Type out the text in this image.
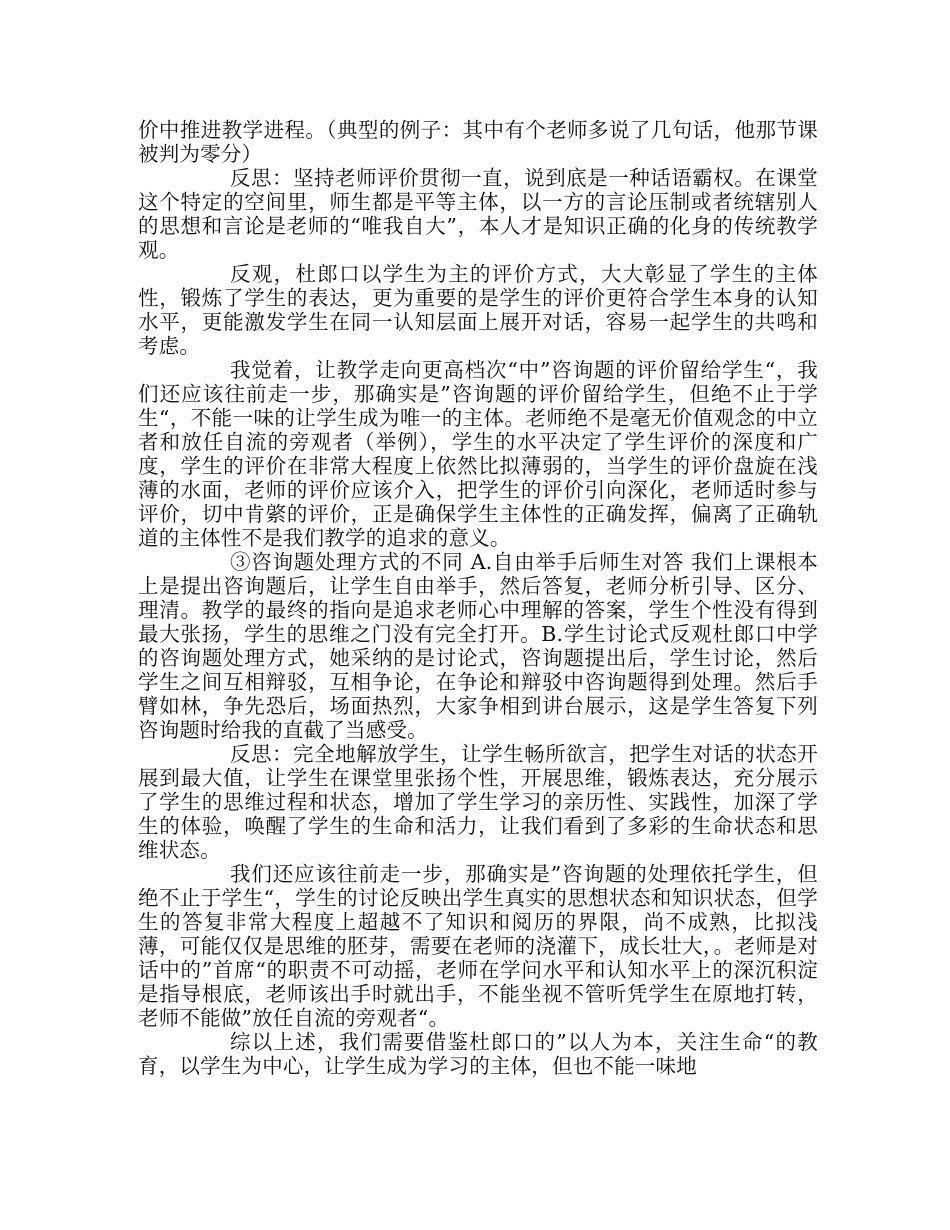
价中推进教学进程。（典型的例子：其中有个老师多说了几句话，他那节课被判为零分）

反思：坚持老师评价贯彻一直，说到底是一种话语霸权。在课堂这个特定的空间里，师生都是平等主体，以一方的言论压制或者统辖别人的思想和言论是老师的“唯我自大”，本人才是知识正确的化身的传统教学观。

反观，杜郎口以学生为主的评价方式，大大彰显了学生的主体性，锻炼了学生的表达，更为重要的是学生的评价更符合学生本身的认知水平，更能激发学生在同一认知层面上展开对话，容易一起学生的共鸣和考虑。

我觉着，让教学走向更高档次“中”咨询题的评价留给学生“，我们还应该往前走一步，那确实是”咨询题的评价留给学生，但绝不止于学生“，不能一味的让学生成为唯一的主体。老师绝不是毫无价值观念的中立者和放任自流的旁观者（举例），学生的水平决定了学生评价的深度和广度，学生的评价在非常大程度上依然比拟薄弱的，当学生的评价盘旋在浅薄的水面，老师的评价应该介入，把学生的评价引向深化，老师适时参与评价，切中肯綮的评价，正是确保学生主体性的正确发挥，偏离了正确轨道的主体性不是我们教学的追求的意义。

③咨询题处理方式的不同 A.自由举手后师生对答 我们上课根本上是提出咨询题后，让学生自由举手，然后答复，老师分析引导、区分、理清。教学的最终的指向是追求老师心中理解的答案，学生个性没有得到最大张扬，学生的思维之门没有完全打开。B.学生讨论式反观杜郎口中学的咨询题处理方式，她采纳的是讨论式，咨询题提出后，学生讨论，然后学生之间互相辩驳，互相争论，在争论和辩驳中咨询题得到处理。然后手臂如林，争先恐后，场面热烈，大家争相到讲台展示，这是学生答复下列咨询题时给我的直截了当感受。

反思：完全地解放学生，让学生畅所欲言，把学生对话的状态开展到最大值，让学生在课堂里张扬个性，开展思维，锻炼表达，充分展示了学生的思维过程和状态，增加了学生学习的亲历性、实践性，加深了学生的体验，唤醒了学生的生命和活力，让我们看到了多彩的生命状态和思维状态。

我们还应该往前走一步，那确实是”咨询题的处理依托学生，但绝不止于学生“，学生的讨论反映出学生真实的思想状态和知识状态，但学生的答复非常大程度上超越不了知识和阅历的界限，尚不成熟，比拟浅薄，可能仅仅是思维的胚芽，需要在老师的浇灌下，成长壮大，。老师是对话中的”首席“的职责不可动摇，老师在学问水平和认知水平上的深沉积淀是指导根底，老师该出手时就出手，不能坐视不管听凭学生在原地打转，老师不能做”放任自流的旁观者“。

综以上述，我们需要借鉴杜郎口的”以人为本，关注生命“的教育，以学生为中心，让学生成为学习的主体，但也不能一味地
